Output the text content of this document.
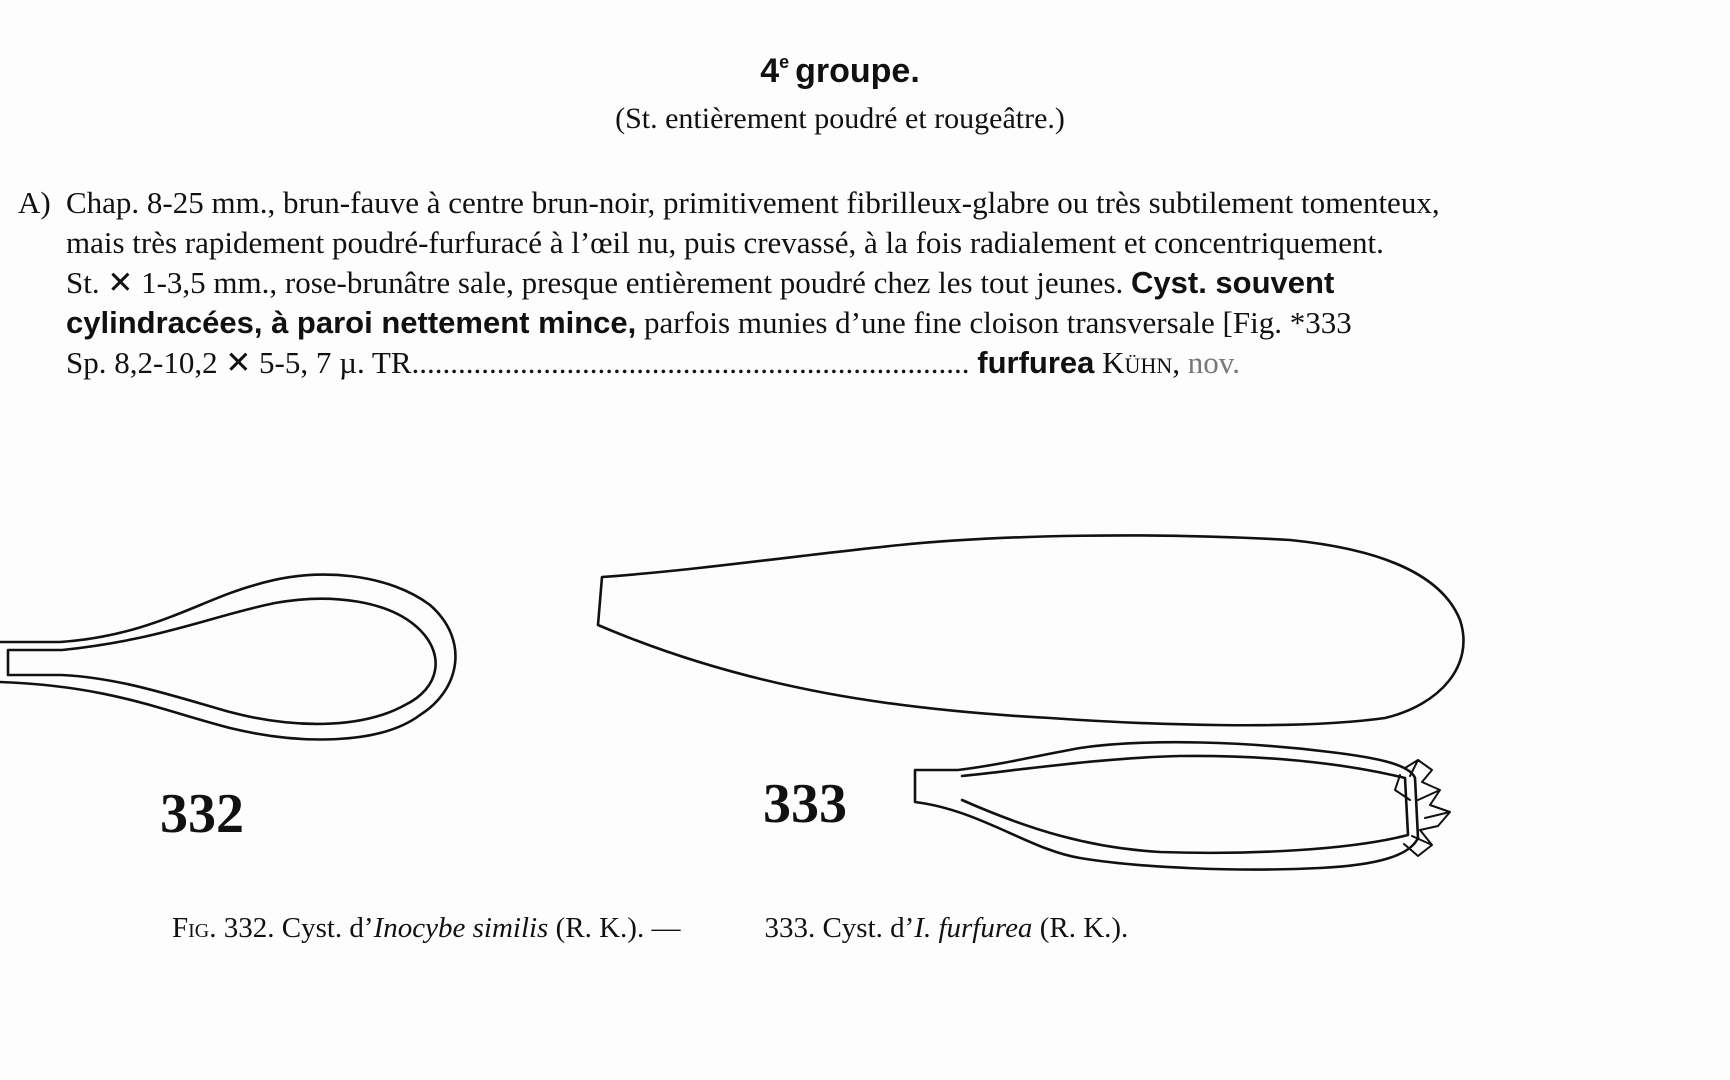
4e groupe.
(St. entièrement poudré et rougeâtre.)
A) Chap. 8-25 mm., brun-fauve à centre brun-noir, primitivement fibrilleux-glabre ou très subtilement tomenteux,
mais très rapidement poudré-furfuracé à l’œil nu, puis crevassé, à la fois radialement et concentriquement.
St. ✕ 1-3,5 mm., rose-brunâtre sale, presque entièrement poudré chez les tout jeunes. Cyst. souvent
cylindracées, à paroi nettement mince, parfois munies d’une fine cloison transversale [Fig. *333
Sp. 8,2-10,2 ✕ 5-5, 7 µ. TR........................................................................ furfurea Kühn, nov.
332	333
Fig. 332. Cyst. d’Inocybe similis (R. K.). —	333. Cyst. d’I. furfurea (R. K.).
